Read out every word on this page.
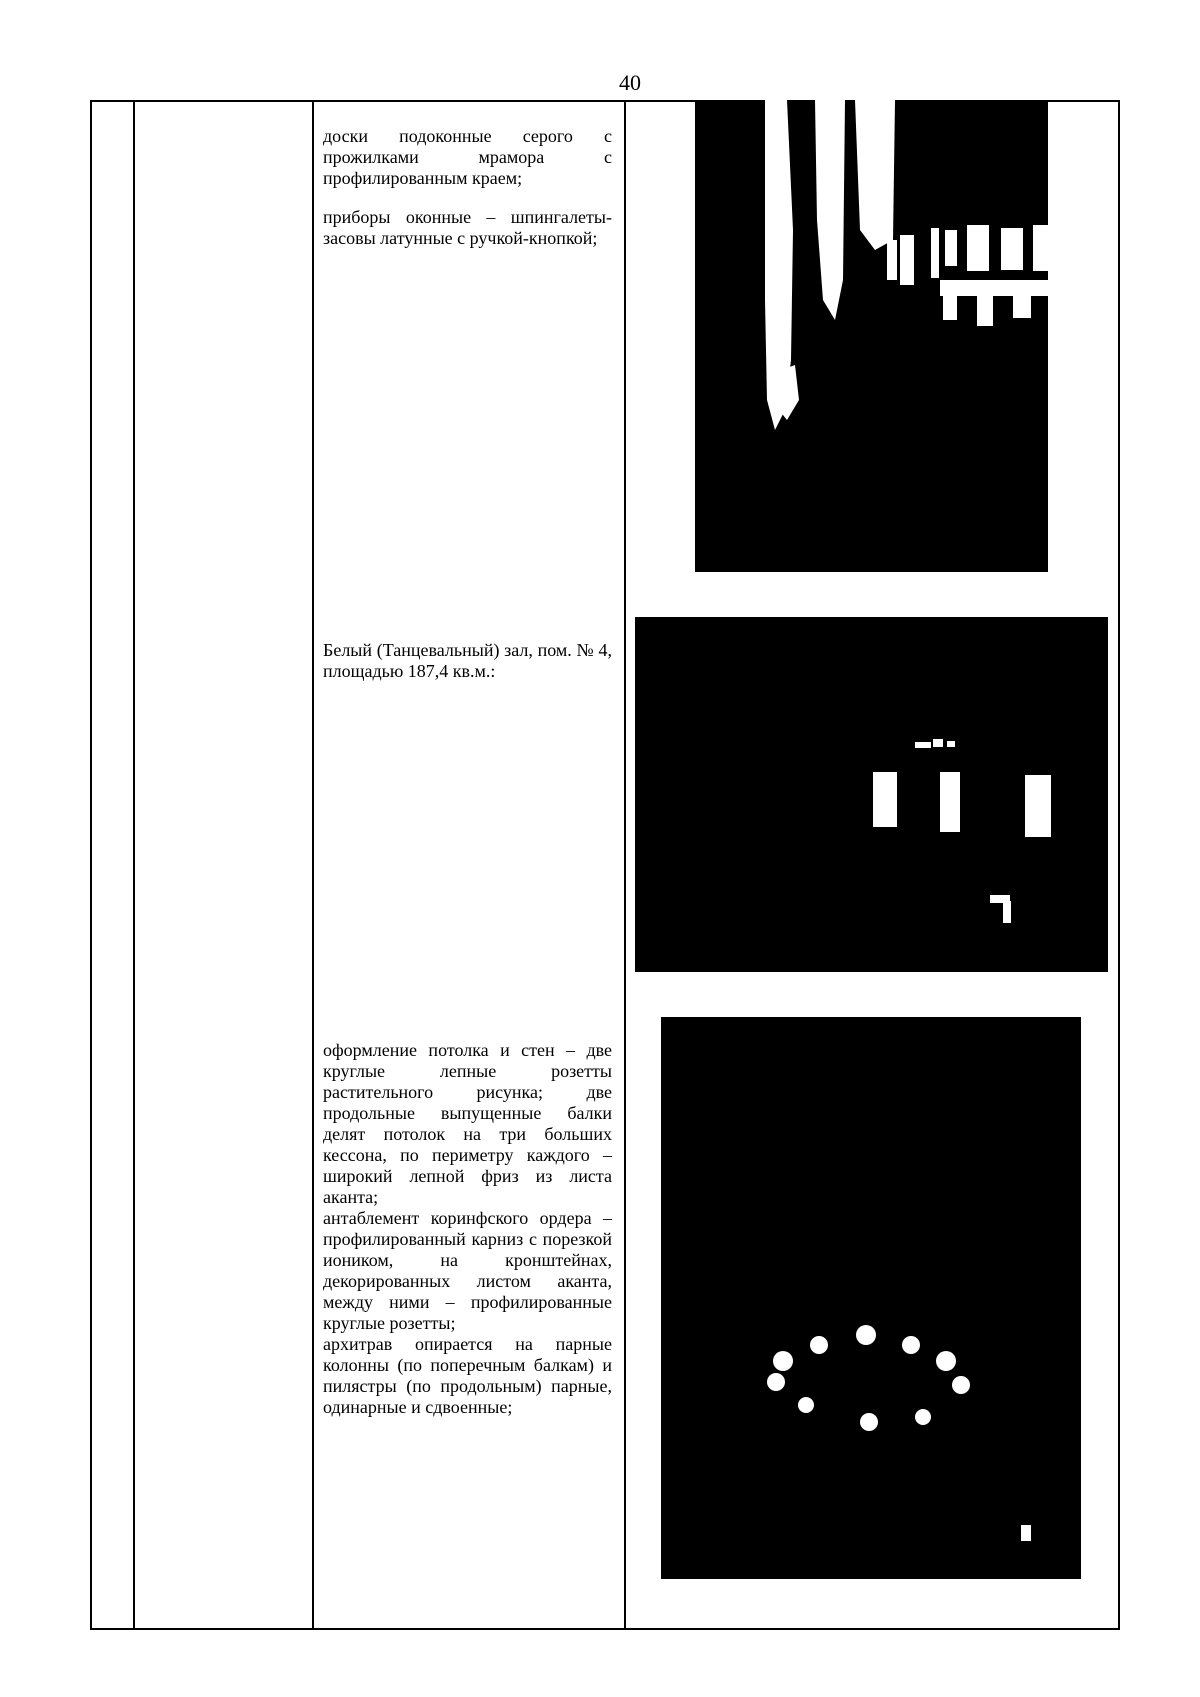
40

доски подоконные серого с прожилками мрамора с профилированным краем;

приборы оконные – шпингалеты-засовы латунные с ручкой-кнопкой;

Белый (Танцевальный) зал, пом. № 4, площадью 187,4 кв.м.:

оформление потолка и стен – две круглые лепные розетты растительного рисунка; две продольные выпущенные балки делят потолок на три больших кессона, по периметру каждого – широкий лепной фриз из листа аканта;

антаблемент коринфского ордера – профилированный карниз с порезкой иоником, на кронштейнах, декорированных листом аканта, между ними – профилированные круглые розетты;

архитрав опирается на парные колонны (по поперечным балкам) и пилястры (по продольным) парные, одинарные и сдвоенные;
